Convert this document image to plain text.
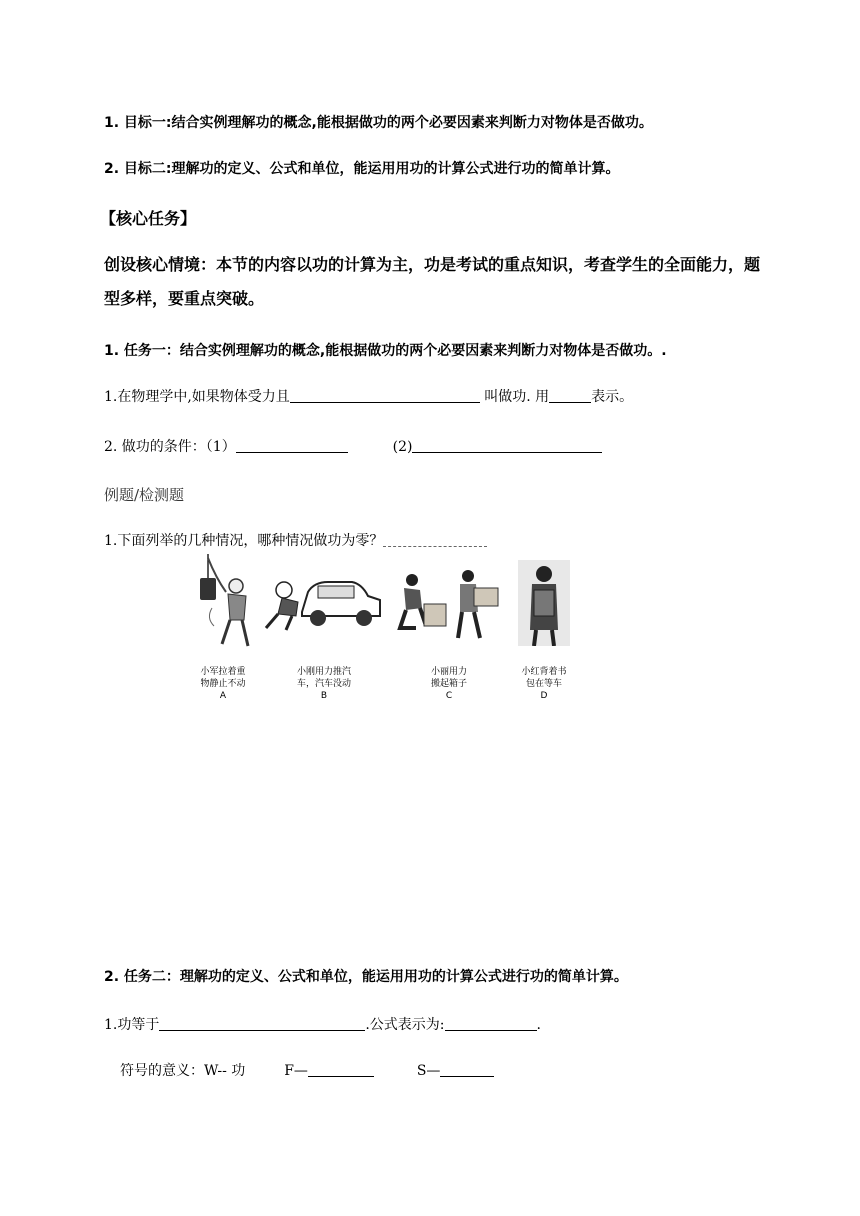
1. 目标一:结合实例理解功的概念,能根据做功的两个必要因素来判断力对物体是否做功。
2. 目标二:理解功的定义、公式和单位，能运用用功的计算公式进行功的简单计算。
【核心任务】
创设核心情境：本节的内容以功的计算为主，功是考试的重点知识，考查学生的全面能力，题型多样，要重点突破。
1. 任务一：结合实例理解功的概念,能根据做功的两个必要因素来判断力对物体是否做功。.
1.在物理学中,如果物体受力且	叫做功. 用	表示。
2. 做功的条件：（1）	(2)
例题/检测题
1.下面列举的几种情况，哪种情况做功为零？
小军拉着重
物静止不动
A
小刚用力推汽
车，汽车没动
B
小丽用力
搬起箱子
C
小红背着书
包在等车
D
2. 任务二：理解功的定义、公式和单位，能运用用功的计算公式进行功的简单计算。
1.功等于	.公式表示为:	.
符号的意义：W-- 功	F—	S—
